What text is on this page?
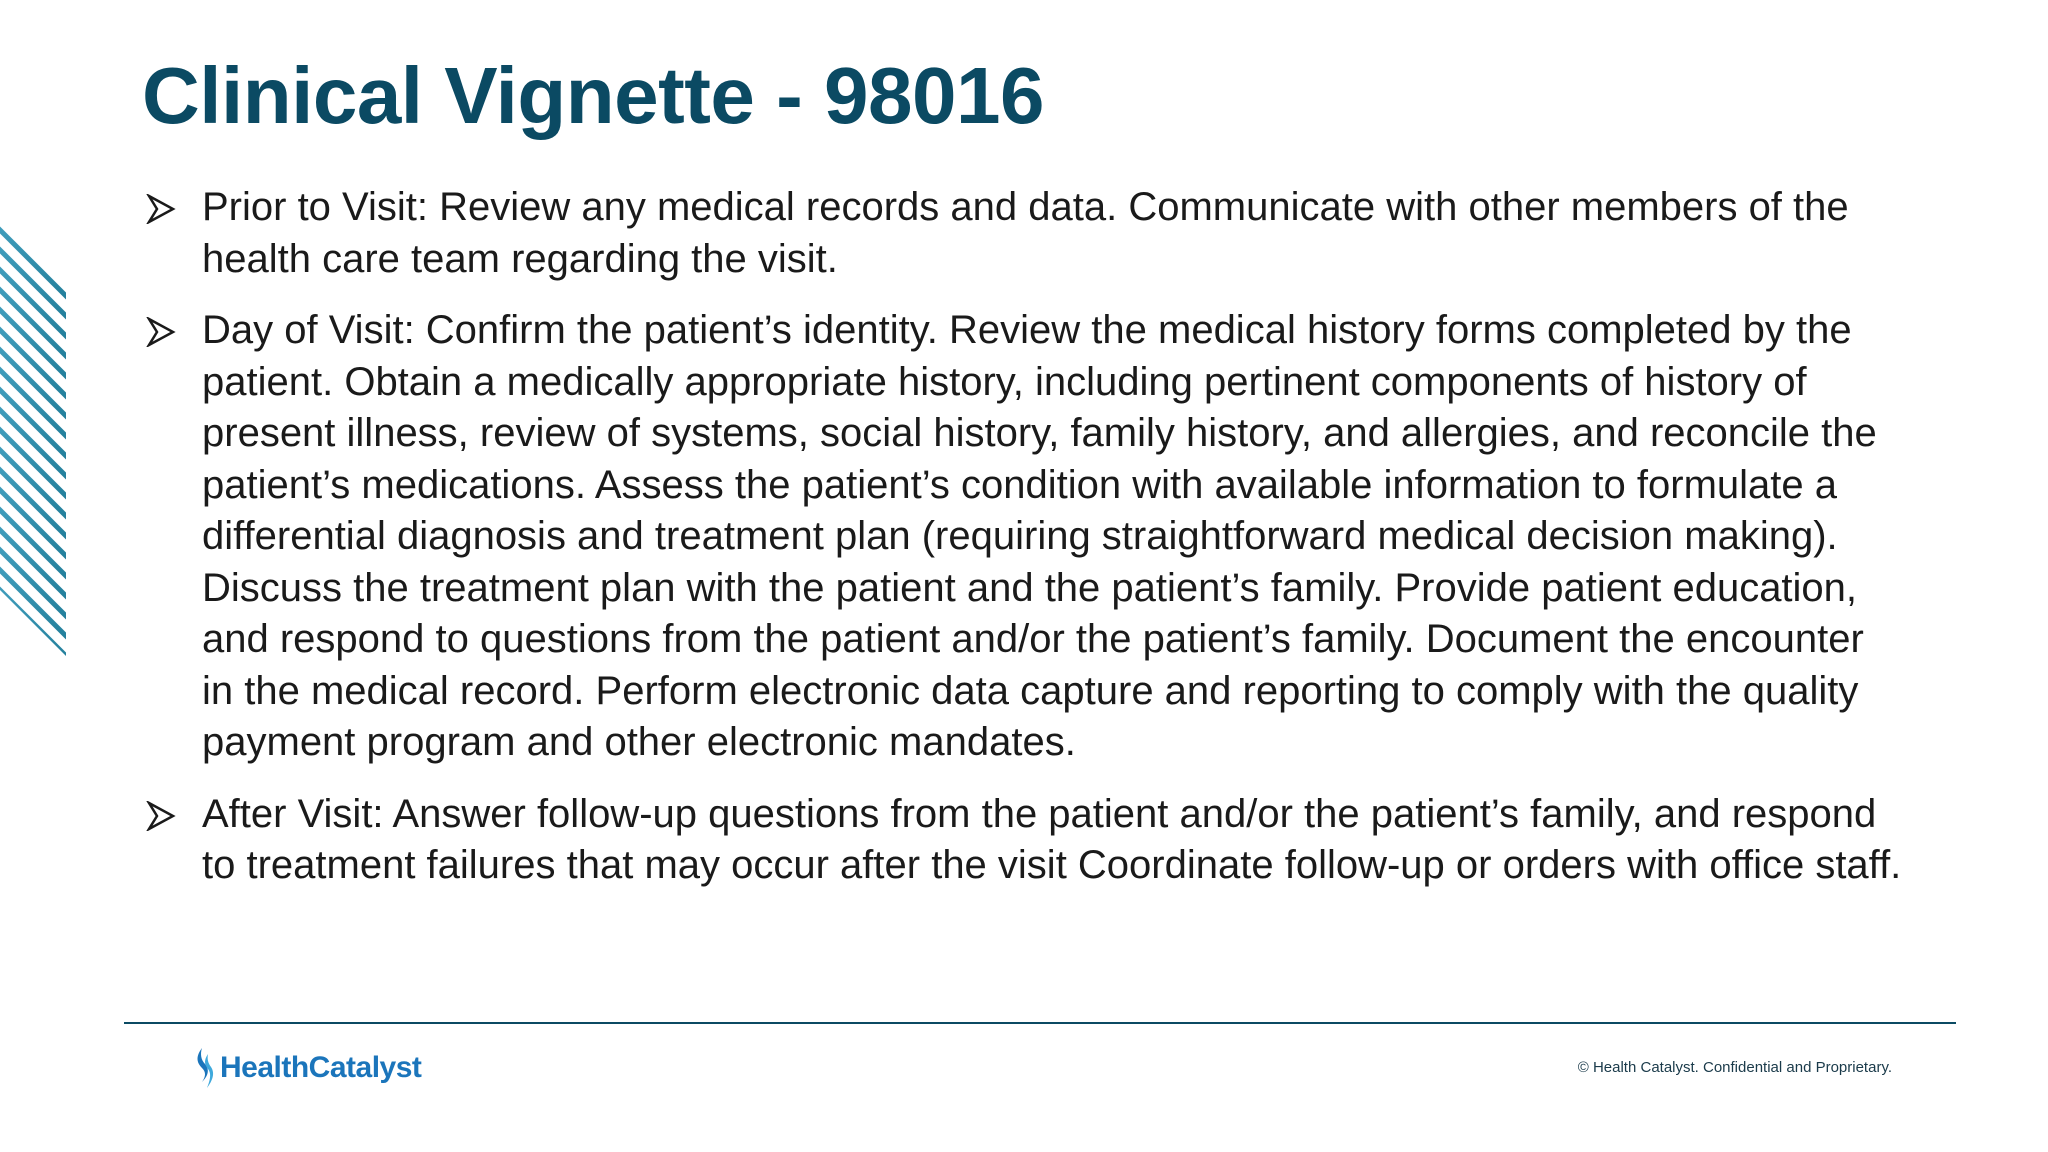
Clinical Vignette - 98016
Prior to Visit: Review any medical records and data. Communicate with other members of the health care team regarding the visit.
Day of Visit: Confirm the patient’s identity. Review the medical history forms completed by the patient. Obtain a medically appropriate history, including pertinent components of history of present illness, review of systems, social history, family history, and allergies, and reconcile the patient’s medications. Assess the patient’s condition with available information to formulate a differential diagnosis and treatment plan (requiring straightforward medical decision making). Discuss the treatment plan with the patient and the patient’s family. Provide patient education, and respond to questions from the patient and/or the patient’s family. Document the encounter in the medical record. Perform electronic data capture and reporting to comply with the quality payment program and other electronic mandates.
After Visit: Answer follow-up questions from the patient and/or the patient’s family, and respond to treatment failures that may occur after the visit Coordinate follow-up or orders with office staff.
HealthCatalyst	© Health Catalyst. Confidential and Proprietary.
